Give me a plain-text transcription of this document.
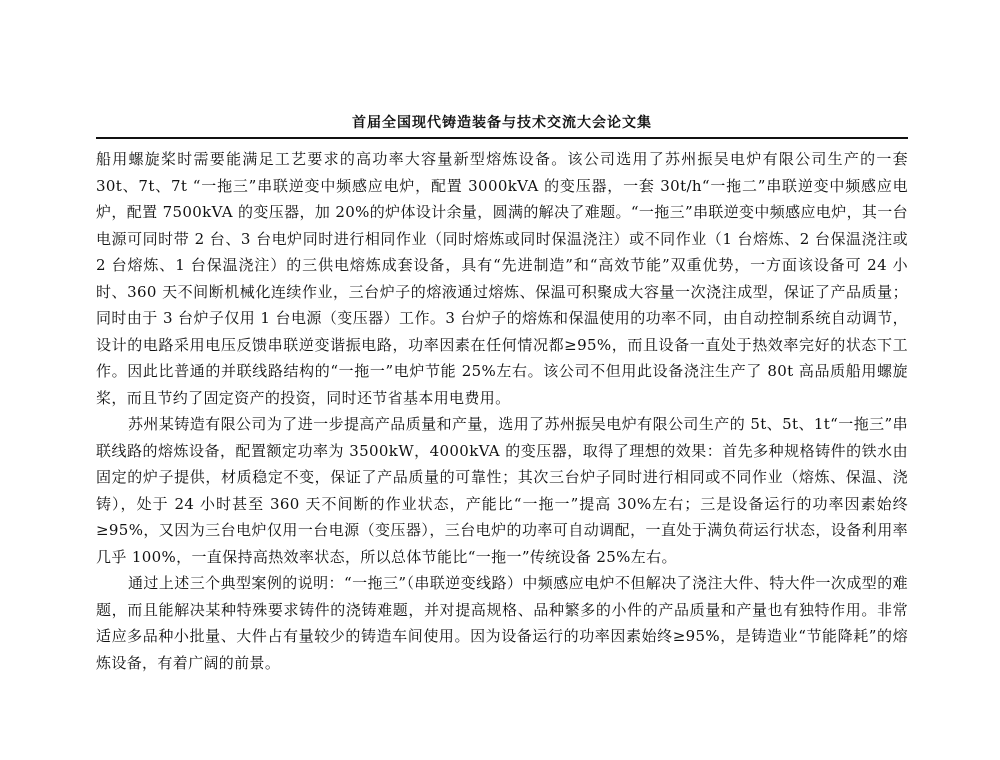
首届全国现代铸造装备与技术交流大会论文集

船用螺旋桨时需要能满足工艺要求的高功率大容量新型熔炼设备。该公司选用了苏州振吴电炉有限公司生产的一套 30t、7t、7t “一拖三”串联逆变中频感应电炉，配置 3000kVA 的变压器，一套 30t/h“一拖二”串联逆变中频感应电炉，配置 7500kVA 的变压器，加 20%的炉体设计余量，圆满的解决了难题。“一拖三”串联逆变中频感应电炉，其一台电源可同时带 2 台、3 台电炉同时进行相同作业（同时熔炼或同时保温浇注）或不同作业（1 台熔炼、2 台保温浇注或 2 台熔炼、1 台保温浇注）的三供电熔炼成套设备，具有“先进制造”和“高效节能”双重优势，一方面该设备可 24 小时、360 天不间断机械化连续作业，三台炉子的熔液通过熔炼、保温可积聚成大容量一次浇注成型，保证了产品质量；同时由于 3 台炉子仅用 1 台电源（变压器）工作。3 台炉子的熔炼和保温使用的功率不同，由自动控制系统自动调节，设计的电路采用电压反馈串联逆变谐振电路，功率因素在任何情况都≥95%，而且设备一直处于热效率完好的状态下工作。因此比普通的并联线路结构的“一拖一”电炉节能 25%左右。该公司不但用此设备浇注生产了 80t 高品质船用螺旋桨，而且节约了固定资产的投资，同时还节省基本用电费用。

苏州某铸造有限公司为了进一步提高产品质量和产量，选用了苏州振吴电炉有限公司生产的 5t、5t、1t“一拖三”串联线路的熔炼设备，配置额定功率为 3500kW，4000kVA 的变压器，取得了理想的效果：首先多种规格铸件的铁水由固定的炉子提供，材质稳定不变，保证了产品质量的可靠性；其次三台炉子同时进行相同或不同作业（熔炼、保温、浇铸），处于 24 小时甚至 360 天不间断的作业状态，产能比“一拖一”提高 30%左右；三是设备运行的功率因素始终≥95%，又因为三台电炉仅用一台电源（变压器），三台电炉的功率可自动调配，一直处于满负荷运行状态，设备利用率几乎 100%，一直保持高热效率状态，所以总体节能比“一拖一”传统设备 25%左右。

通过上述三个典型案例的说明：“一拖三”（串联逆变线路）中频感应电炉不但解决了浇注大件、特大件一次成型的难题，而且能解决某种特殊要求铸件的浇铸难题，并对提高规格、品种繁多的小件的产品质量和产量也有独特作用。非常适应多品种小批量、大件占有量较少的铸造车间使用。因为设备运行的功率因素始终≥95%，是铸造业“节能降耗”的熔炼设备，有着广阔的前景。
